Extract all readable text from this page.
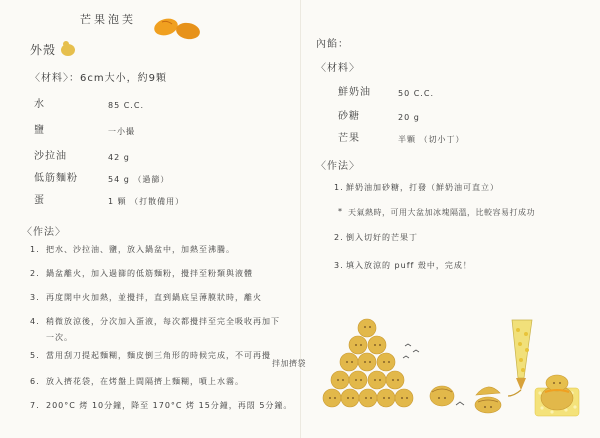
芒果泡芙
外殼
〈材料〉：6cm大小，約9顆
水	85 C.C.
鹽	一小撮
沙拉油	42 g
低筋麵粉	54 g （過篩）
蛋	1 顆 （打散備用）
〈作法〉
1. 把水、沙拉油、鹽，放入鍋盆中，加熱至沸騰。
2. 鍋盆離火，加入過篩的低筋麵粉，攪拌至粉類與液體
3. 再度開中火加熱，並攪拌，直到鍋底呈薄膜狀時，離火
4. 稍微放涼後，分次加入蛋液，每次都攪拌至完全吸收再加下
一次。
5. 當用刮刀提起麵糊，麵皮倒三角形的時候完成，不可再攪
拌加擠袋
6. 放入擠花袋，在烤盤上間隔擠上麵糊，噴上水霧。
7. 200°C 烤 10分鐘，降至 170°C 烤 15分鐘，再悶 5分鐘。
內餡：
〈材料〉
鮮奶油	50 C.C.
砂糖	20 g
芒果	半顆 （切小丁）
〈作法〉
1. 鮮奶油加砂糖，打發（鮮奶油可直立）
* 天氣熱時，可用大盆加冰塊隔溫，比較容易打成功
2. 倒入切好的芒果丁
3. 填入放涼的 puff 殼中，完成！
